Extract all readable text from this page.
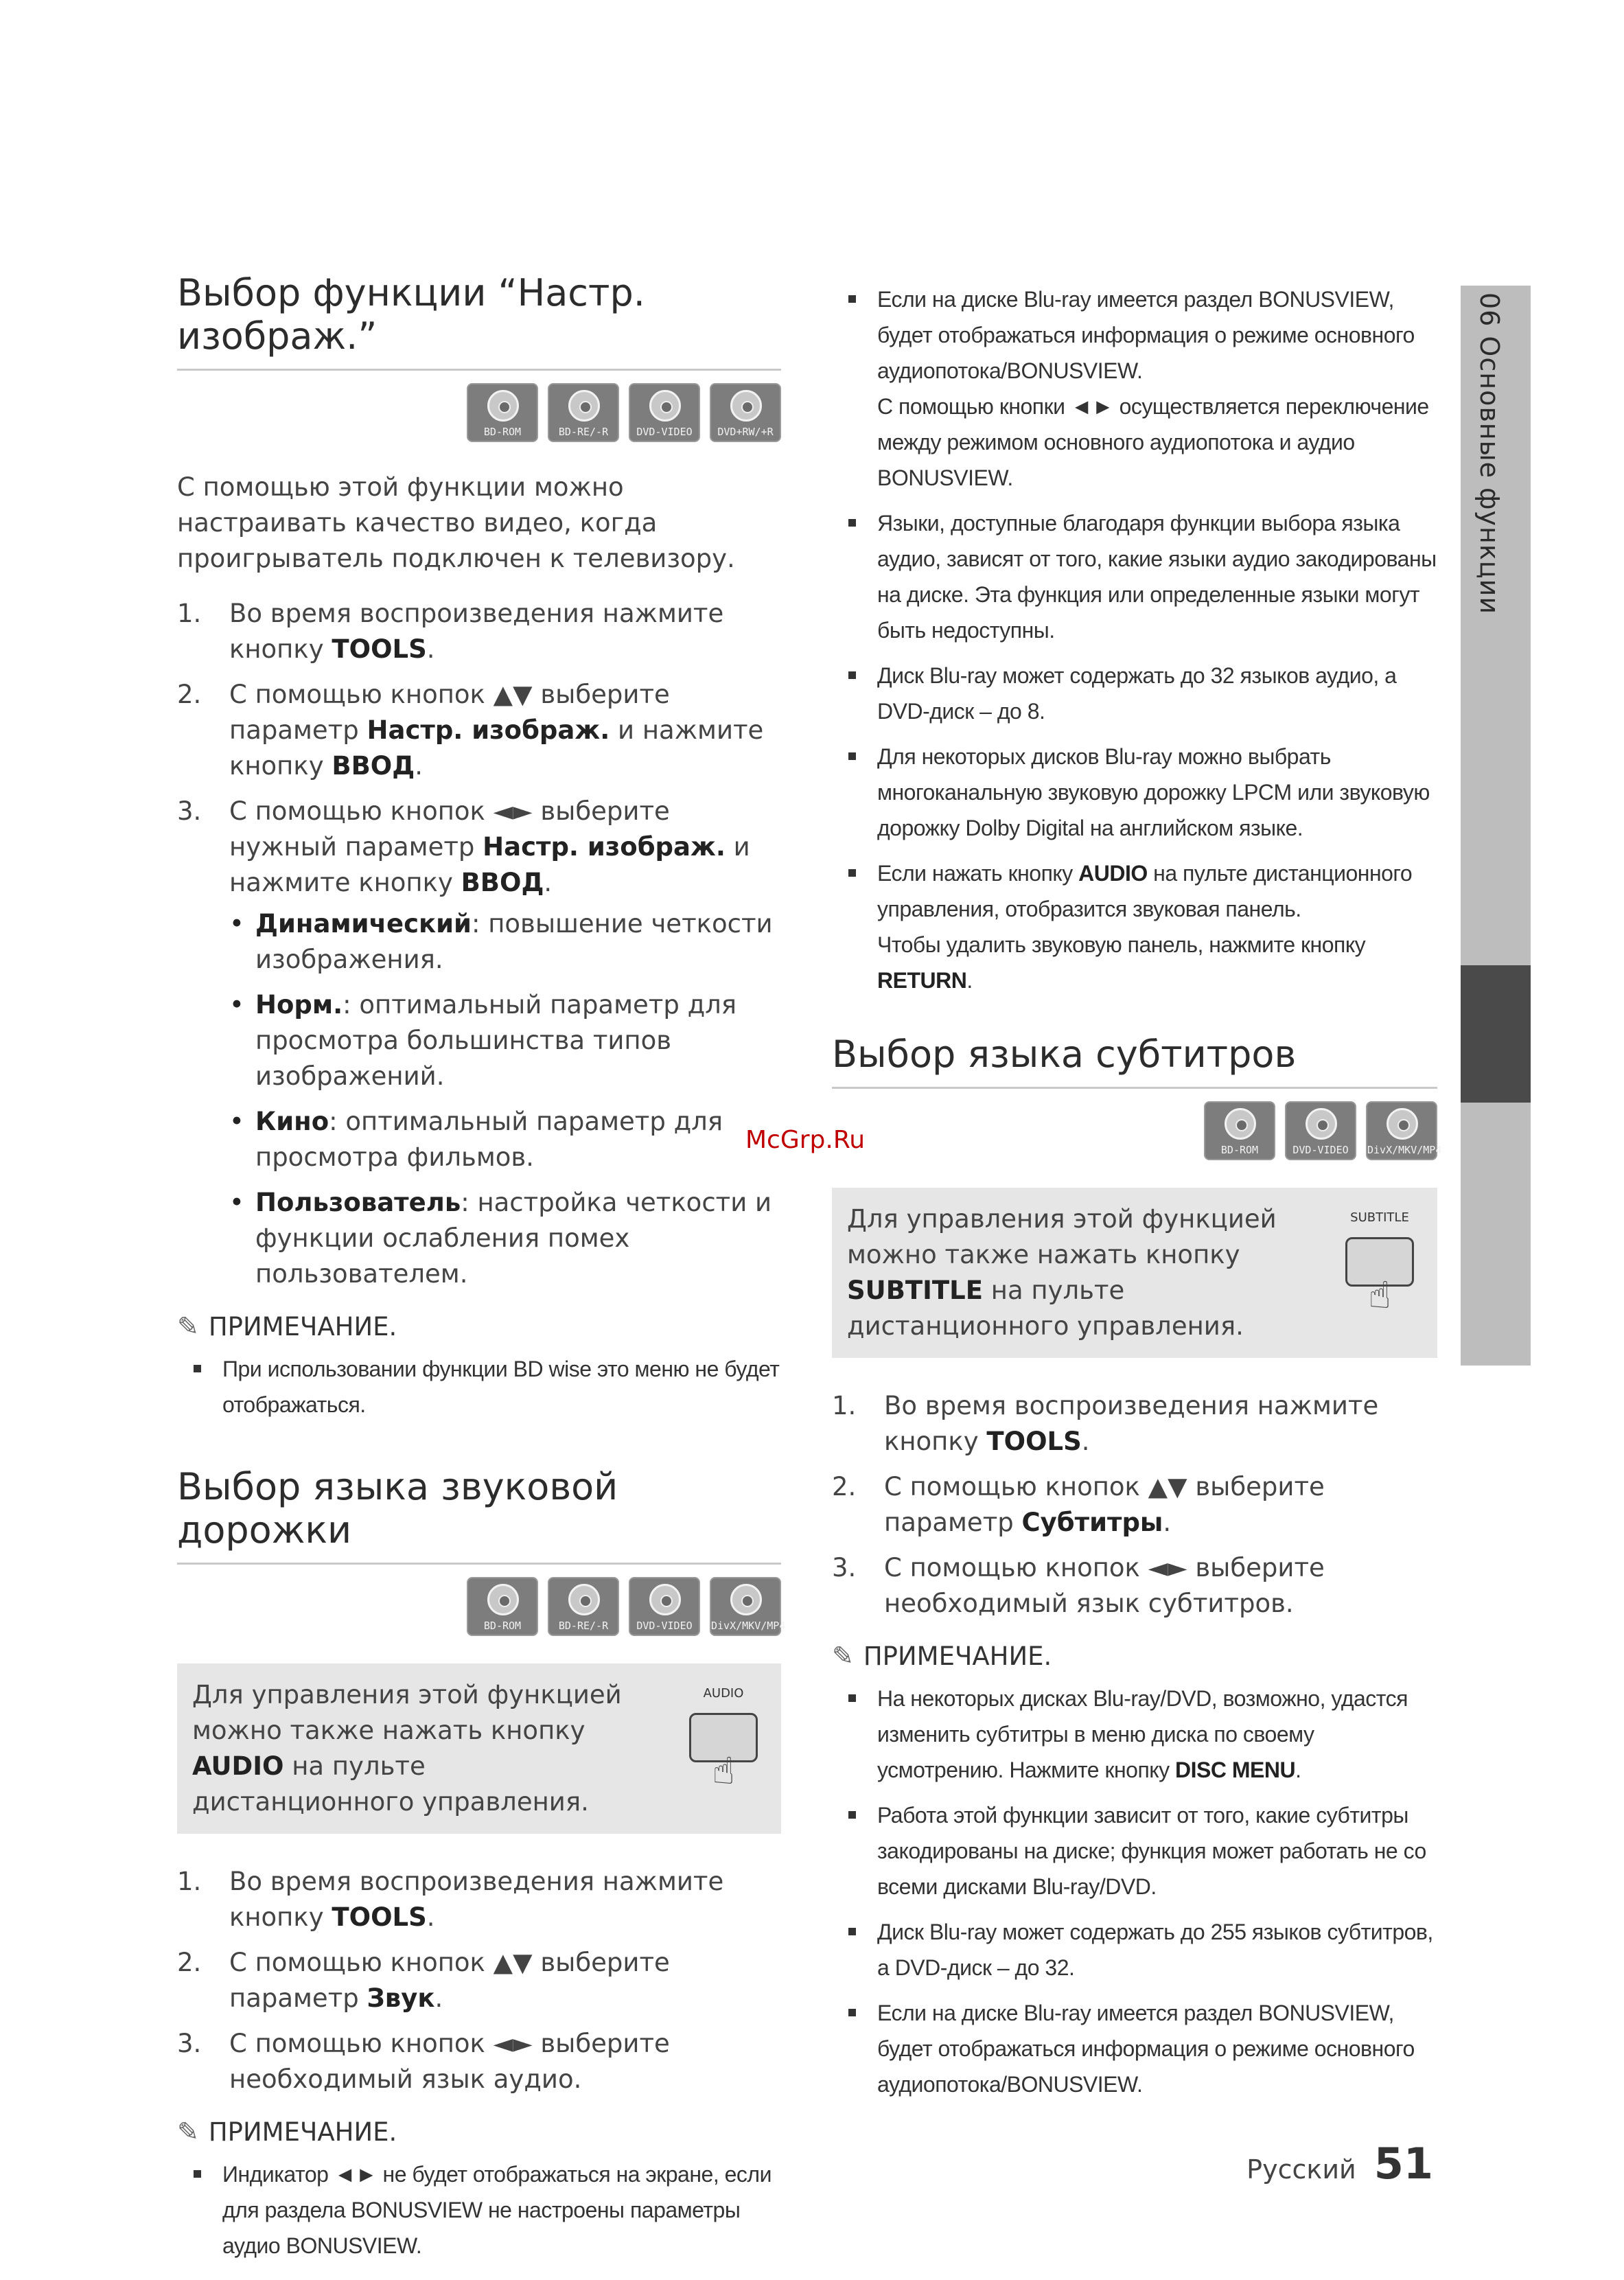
06 Основные функции
McGrp.Ru
Выбор функции “Настр. изображ.”
BD-ROM	BD-RE/-R	DVD-VIDEO	DVD+RW/+R

С помощью этой функции можно настраивать качество видео, когда проигрыватель подключен к телевизору.

1. Во время воспроизведения нажмите кнопку TOOLS.
2. С помощью кнопок ▲▼ выберите параметр Настр. изображ. и нажмите кнопку ВВОД.
3. С помощью кнопок ◄► выберите нужный параметр Настр. изображ. и нажмите кнопку ВВОД.
• Динамический: повышение четкости изображения.
• Норм.: оптимальный параметр для просмотра большинства типов изображений.
• Кино: оптимальный параметр для просмотра фильмов.
• Пользователь: настройка четкости и функции ослабления помех пользователем.
✎ ПРИМЕЧАНИЕ.
При использовании функции BD wise это меню не будет отображаться.
Выбор языка звуковой дорожки
BD-ROM	BD-RE/-R	DVD-VIDEO	DivX/MKV/MP4
Для управления этой функцией можно также нажать кнопку AUDIO на пульте дистанционного управления.
AUDIO
☝
1. Во время воспроизведения нажмите кнопку TOOLS.
2. С помощью кнопок ▲▼ выберите параметр Звук.
3. С помощью кнопок ◄► выберите необходимый язык аудио.
✎ ПРИМЕЧАНИЕ.
Индикатор ◄► не будет отображаться на экране, если для раздела BONUSVIEW не настроены параметры аудио BONUSVIEW.
Если на диске Blu-ray имеется раздел BONUSVIEW, будет отображаться информация о режиме основного аудиопотока/BONUSVIEW.
С помощью кнопки ◄► осуществляется переключение между режимом основного аудиопотока и аудио BONUSVIEW.
Языки, доступные благодаря функции выбора языка аудио, зависят от того, какие языки аудио закодированы на диске. Эта функция или определенные языки могут быть недоступны.
Диск Blu-ray может содержать до 32 языков аудио, а DVD-диск – до 8.
Для некоторых дисков Blu-ray можно выбрать многоканальную звуковую дорожку LPCM или звуковую дорожку Dolby Digital на английском языке.
Если нажать кнопку AUDIO на пульте дистанционного управления, отобразится звуковая панель.
Чтобы удалить звуковую панель, нажмите кнопку RETURN.
Выбор языка субтитров
BD-ROM	DVD-VIDEO	DivX/MKV/MP4
Для управления этой функцией можно также нажать кнопку SUBTITLE на пульте дистанционного управления.
SUBTITLE
☝
1. Во время воспроизведения нажмите кнопку TOOLS.
2. С помощью кнопок ▲▼ выберите параметр Субтитры.
3. С помощью кнопок ◄► выберите необходимый язык субтитров.
✎ ПРИМЕЧАНИЕ.
На некоторых дисках Blu-ray/DVD, возможно, удастся изменить субтитры в меню диска по своему усмотрению. Нажмите кнопку DISC MENU.
Работа этой функции зависит от того, какие субтитры закодированы на диске; функция может работать не со всеми дисками Blu-ray/DVD.
Диск Blu-ray может содержать до 255 языков субтитров, а DVD-диск – до 32.
Если на диске Blu-ray имеется раздел BONUSVIEW, будет отображаться информация о режиме основного аудиопотока/BONUSVIEW.
Русский 51
